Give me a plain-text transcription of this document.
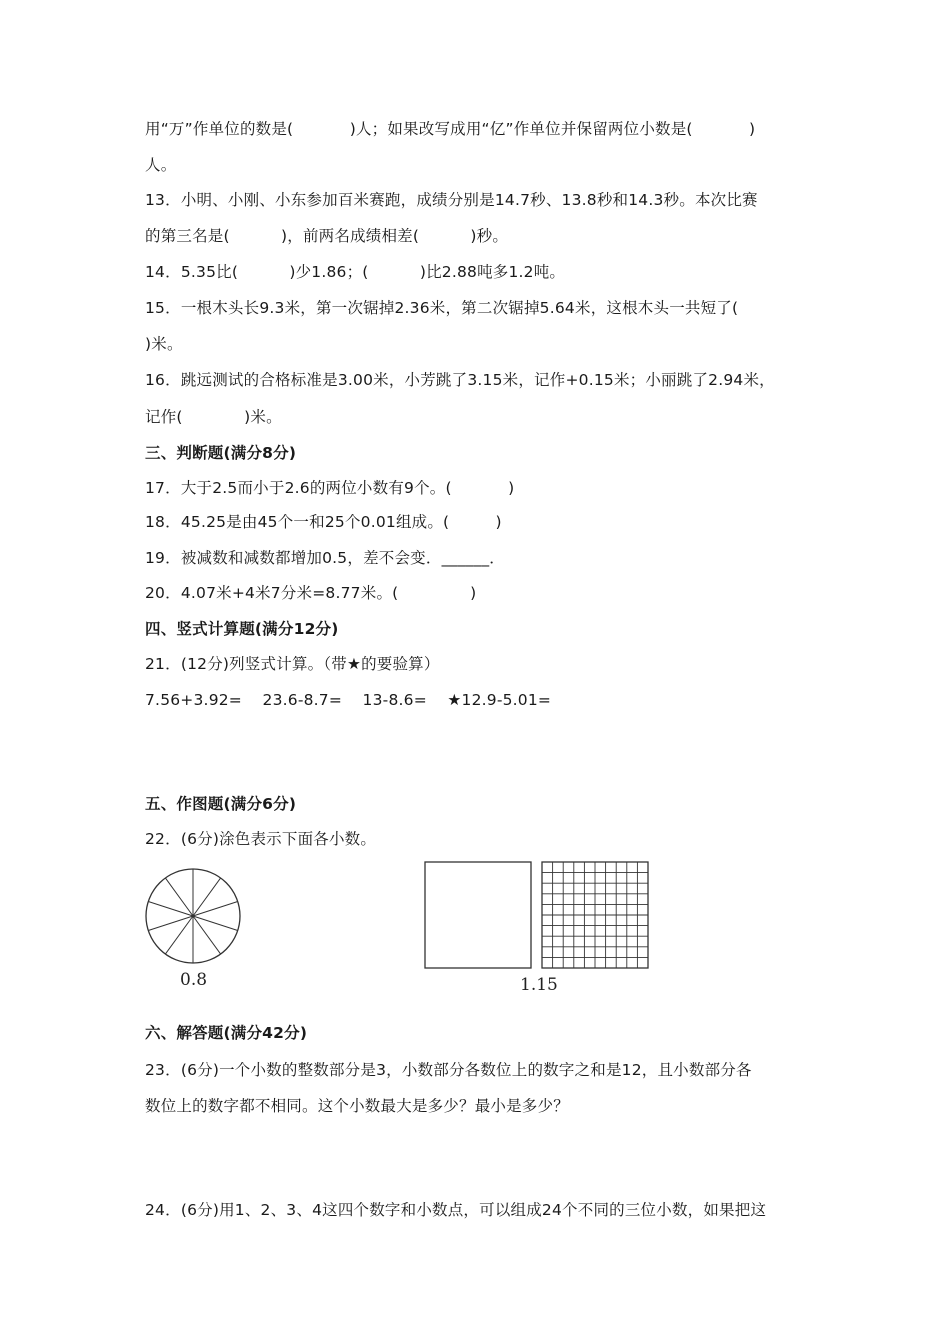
用“万”作单位的数是(           )人；如果改写成用“亿”作单位并保留两位小数是(           )
人。
13．小明、小刚、小东参加百米赛跑，成绩分别是14.7秒、13.8秒和14.3秒。本次比赛
的第三名是(          )，前两名成绩相差(          )秒。
14．5.35比(          )少1.86；(          )比2.88吨多1.2吨。
15．一根木头长9.3米，第一次锯掉2.36米，第二次锯掉5.64米，这根木头一共短了(
)米。
16．跳远测试的合格标准是3.00米，小芳跳了3.15米，记作+0.15米；小丽跳了2.94米，
记作(            )米。
三、判断题(满分8分)
17．大于2.5而小于2.6的两位小数有9个。(           )
18．45.25是由45个一和25个0.01组成。(         )
19．被减数和减数都增加0.5，差不会变．______．
20．4.07米+4米7分米=8.77米。(              )
四、竖式计算题(满分12分)
21．(12分)列竖式计算。（带★的要验算）
7.56+3.92=    23.6-8.7=    13-8.6=    ★12.9-5.01=
五、作图题(满分6分)
22．(6分)涂色表示下面各小数。
0.8	1.15
六、解答题(满分42分)
23．(6分)一个小数的整数部分是3，小数部分各数位上的数字之和是12，且小数部分各
数位上的数字都不相同。这个小数最大是多少？最小是多少？
24．(6分)用1、2、3、4这四个数字和小数点，可以组成24个不同的三位小数，如果把这
